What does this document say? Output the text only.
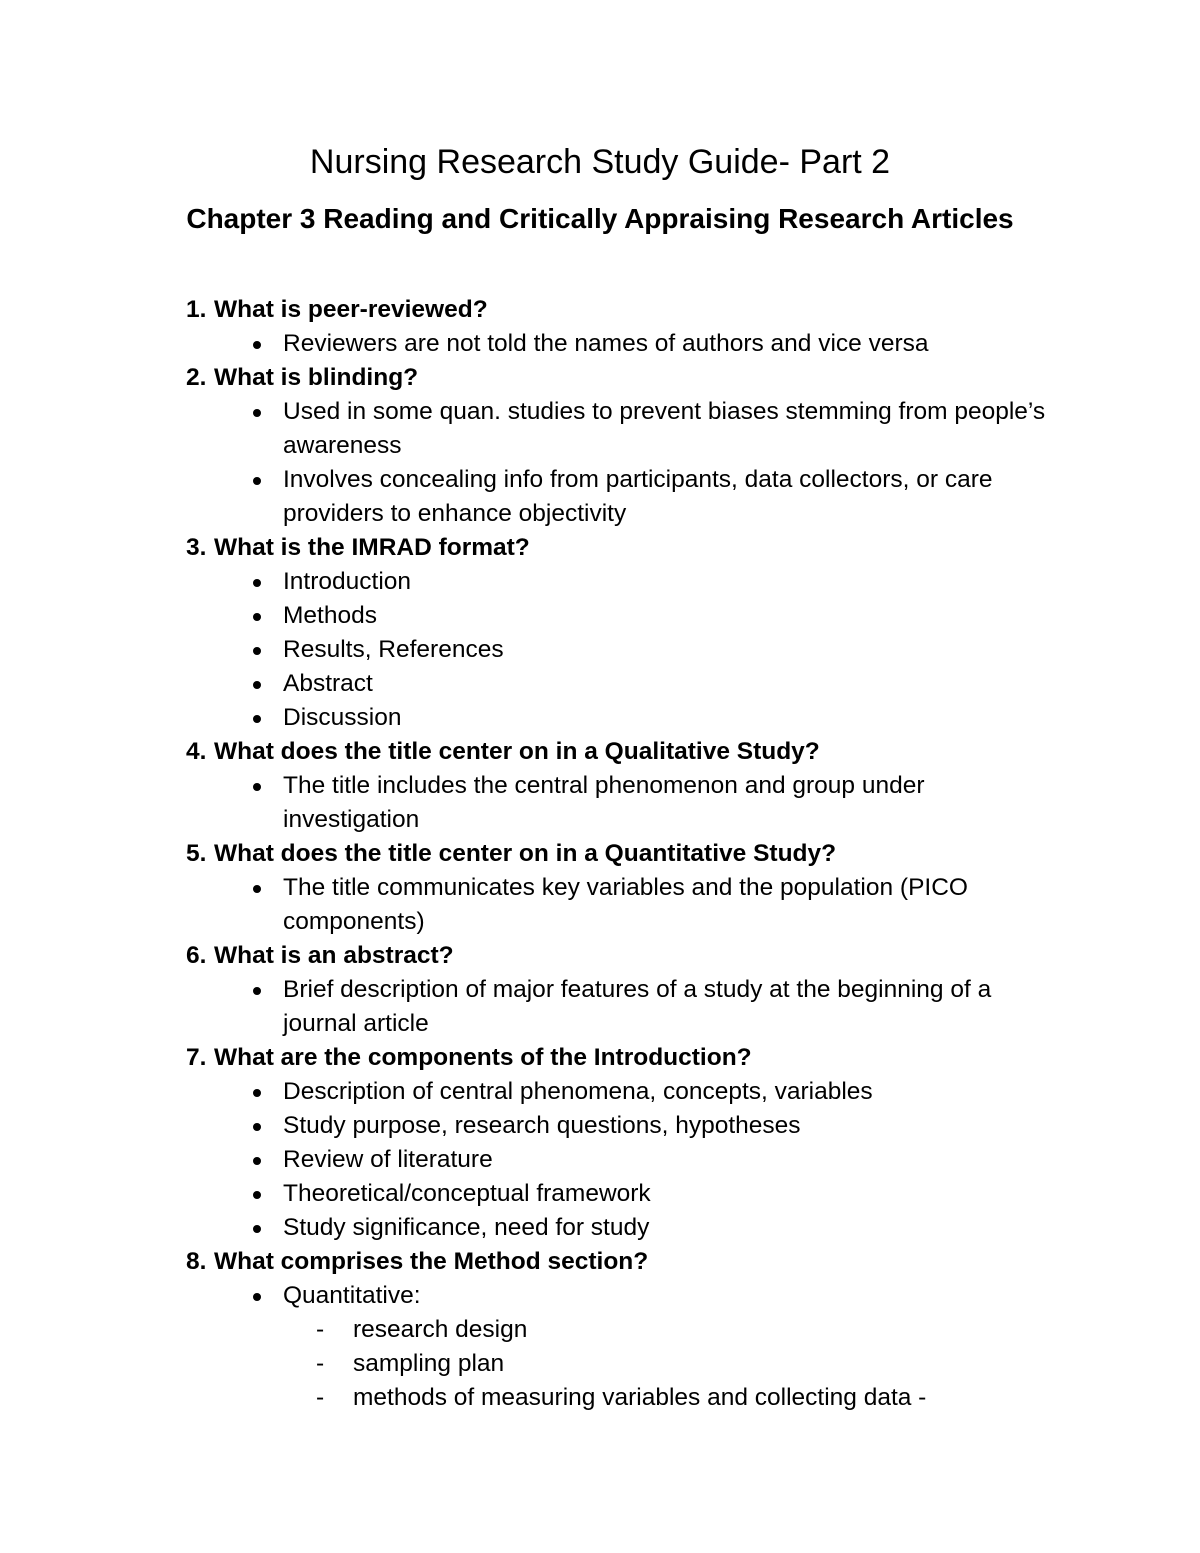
Nursing Research Study Guide- Part 2
Chapter 3 Reading and Critically Appraising Research Articles
1. What is peer-reviewed?
Reviewers are not told the names of authors and vice versa
2. What is blinding?
Used in some quan. studies to prevent biases stemming from people’s awareness
Involves concealing info from participants, data collectors, or care providers to enhance objectivity
3. What is the IMRAD format?
Introduction
Methods
Results, References
Abstract
Discussion
4. What does the title center on in a Qualitative Study?
The title includes the central phenomenon and group under investigation
5. What does the title center on in a Quantitative Study?
The title communicates key variables and the population (PICO components)
6. What is an abstract?
Brief description of major features of a study at the beginning of a journal article
7. What are the components of the Introduction?
Description of central phenomena, concepts, variables
Study purpose, research questions, hypotheses
Review of literature
Theoretical/conceptual framework
Study significance, need for study
8. What comprises the Method section?
Quantitative:
- research design
- sampling plan
- methods of measuring variables and collecting data -
